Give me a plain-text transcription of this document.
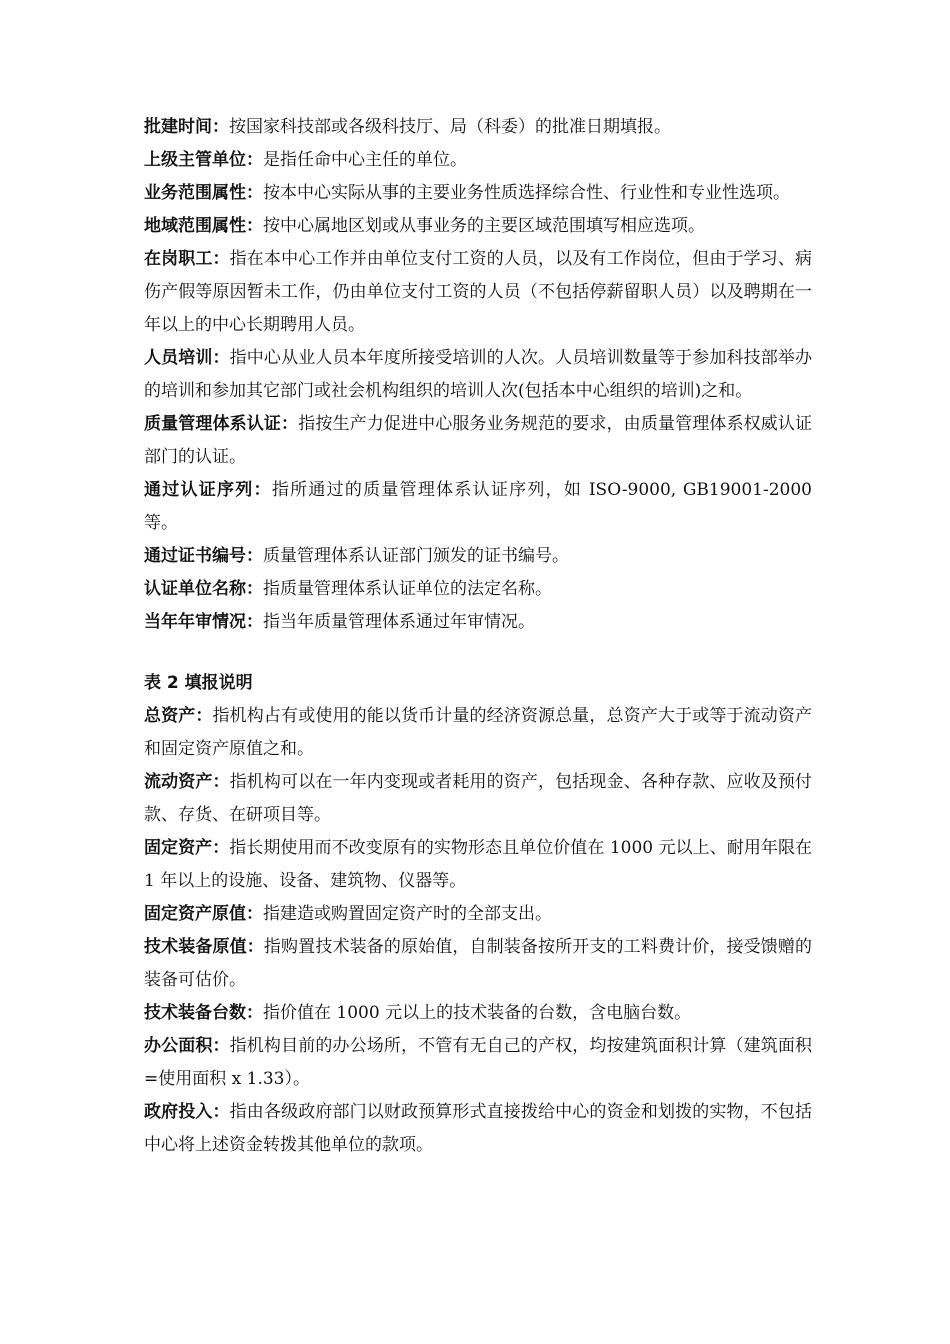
批建时间：按国家科技部或各级科技厅、局（科委）的批准日期填报。

上级主管单位：是指任命中心主任的单位。

业务范围属性：按本中心实际从事的主要业务性质选择综合性、行业性和专业性选项。

地域范围属性：按中心属地区划或从事业务的主要区域范围填写相应选项。

在岗职工：指在本中心工作并由单位支付工资的人员，以及有工作岗位，但由于学习、病伤产假等原因暂未工作，仍由单位支付工资的人员（不包括停薪留职人员）以及聘期在一年以上的中心长期聘用人员。

人员培训：指中心从业人员本年度所接受培训的人次。人员培训数量等于参加科技部举办的培训和参加其它部门或社会机构组织的培训人次(包括本中心组织的培训)之和。

质量管理体系认证：指按生产力促进中心服务业务规范的要求，由质量管理体系权威认证部门的认证。

通过认证序列：指所通过的质量管理体系认证序列，如 ISO-9000, GB19001-2000 等。

通过证书编号：质量管理体系认证部门颁发的证书编号。

认证单位名称：指质量管理体系认证单位的法定名称。

当年年审情况：指当年质量管理体系通过年审情况。

表 2 填报说明

总资产：指机构占有或使用的能以货币计量的经济资源总量，总资产大于或等于流动资产和固定资产原值之和。

流动资产：指机构可以在一年内变现或者耗用的资产，包括现金、各种存款、应收及预付款、存货、在研项目等。

固定资产：指长期使用而不改变原有的实物形态且单位价值在 1000 元以上、耐用年限在 1 年以上的设施、设备、建筑物、仪器等。

固定资产原值：指建造或购置固定资产时的全部支出。

技术装备原值：指购置技术装备的原始值，自制装备按所开支的工料费计价，接受馈赠的装备可估价。

技术装备台数：指价值在 1000 元以上的技术装备的台数，含电脑台数。

办公面积：指机构目前的办公场所，不管有无自己的产权，均按建筑面积计算（建筑面积=使用面积 x 1.33）。

政府投入：指由各级政府部门以财政预算形式直接拨给中心的资金和划拨的实物，不包括中心将上述资金转拨其他单位的款项。
